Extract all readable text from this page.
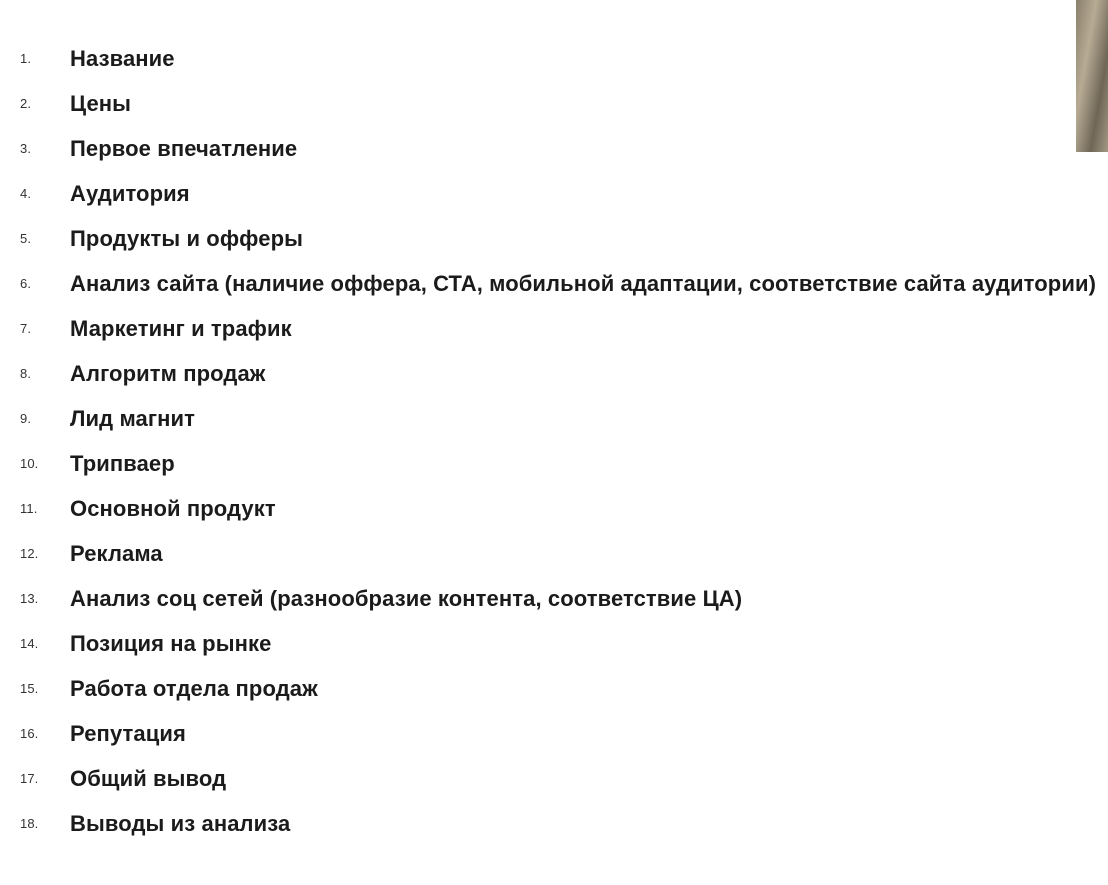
1.	Название
2.	Цены
3.	Первое впечатление
4.	Аудитория
5.	Продукты и офферы
6.	Анализ сайта (наличие оффера, СТА, мобильной адаптации, соответствие сайта аудитории)
7.	Маркетинг и трафик
8.	Алгоритм продаж
9.	Лид магнит
10.	Трипваер
11.	Основной продукт
12.	Реклама
13.	Анализ соц сетей (разнообразие контента, соответствие ЦА)
14.	Позиция на рынке
15.	Работа отдела продаж
16.	Репутация
17.	Общий вывод
18.	Выводы из анализа
